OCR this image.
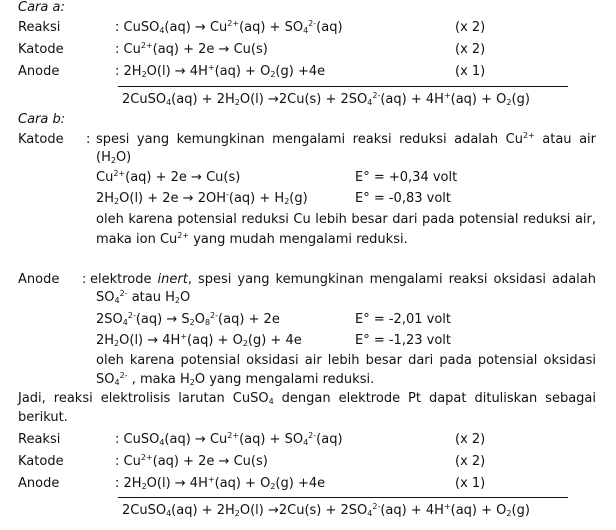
Cara a:
Reaksi	: CuSO$_4$(aq) → $Cu^{2+}(aq) + SO_4^{2-}(aq)$	(x 2)
Katode	: $Cu^{2+}(aq) + 2e \to Cu(s)$	(x 2)
Anode	: $2H_2O(l) \to 4H^+(aq) + O_2(g) +4e$	(x 1)
2CuSO$_4$(aq) + $2H_2O(l) \to 2Cu(s) + 2SO_4^{2-}(aq) + 4H^+(aq) + O_2(g)$
Cara b:
Katode : spesi yang kemungkinan mengalami reaksi reduksi adalah $Cu^{2+}$ atau air
$(H_2O)$
$Cu^{2+}(aq) + 2e \to Cu(s)$	E° = +0,34 volt
$2H_2O(l) + 2e \to 2OH^-(aq) + H_2(g)$	E° = -0,83 volt
oleh karena potensial reduksi Cu lebih besar dari pada potensial reduksi air,
maka ion $Cu^{2+}$ yang mudah mengalami reduksi.
Anode : elektrode inert, spesi yang kemungkinan mengalami reaksi oksidasi adalah
$SO_4^{2-}$ atau $H_2O$
$2SO_4^{2-}(aq) \to S_2O_8^{2-}(aq) + 2e$	E° = -2,01 volt
$2H_2O(l) \to 4H^+(aq) + O_2(g) + 4e$	E° = -1,23 volt
oleh karena potensial oksidasi air lebih besar dari pada potensial oksidasi
$SO_4^{2-}$ , maka $H_2O$ yang mengalami reduksi.
Jadi, reaksi elektrolisis larutan CuSO$_4$ dengan elektrode Pt dapat dituliskan sebagai
berikut.
Reaksi	: CuSO$_4$(aq) → $Cu^{2+}(aq) + SO_4^{2-}(aq)$	(x 2)
Katode	: $Cu^{2+}(aq) + 2e \to Cu(s)$	(x 2)
Anode	: $2H_2O(l) \to 4H^+(aq) + O_2(g) +4e$	(x 1)
2CuSO$_4$(aq) + $2H_2O(l) \to 2Cu(s) + 2SO_4^{2-}(aq) + 4H^+(aq) + O_2(g)$
